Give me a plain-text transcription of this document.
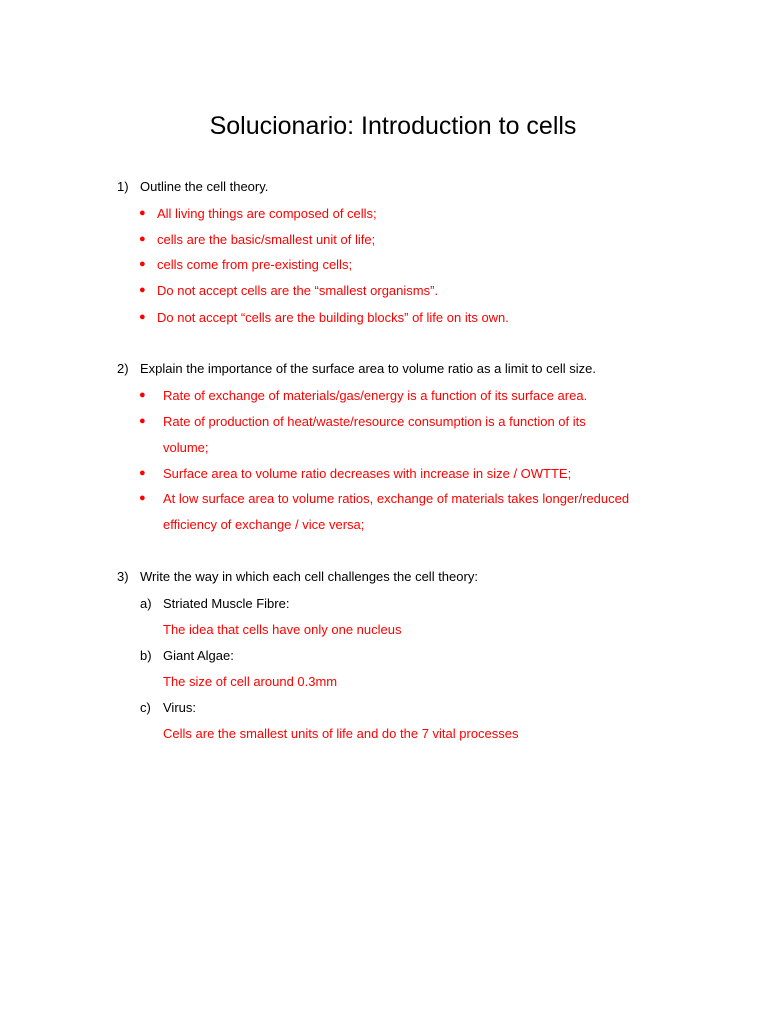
Solucionario: Introduction to cells
1) Outline the cell theory.
● All living things are composed of cells;
● cells are the basic/smallest unit of life;
● cells come from pre-existing cells;
● Do not accept cells are the “smallest organisms”.
● Do not accept “cells are the building blocks” of life on its own.
2) Explain the importance of the surface area to volume ratio as a limit to cell size.
● Rate of exchange of materials/gas/energy is a function of its surface area.
● Rate of production of heat/waste/resource consumption is a function of its
volume;
● Surface area to volume ratio decreases with increase in size / OWTTE;
● At low surface area to volume ratios, exchange of materials takes longer/reduced
efficiency of exchange / vice versa;
3) Write the way in which each cell challenges the cell theory:
a) Striated Muscle Fibre:
The idea that cells have only one nucleus
b) Giant Algae:
The size of cell around 0.3mm
c) Virus:
Cells are the smallest units of life and do the 7 vital processes
